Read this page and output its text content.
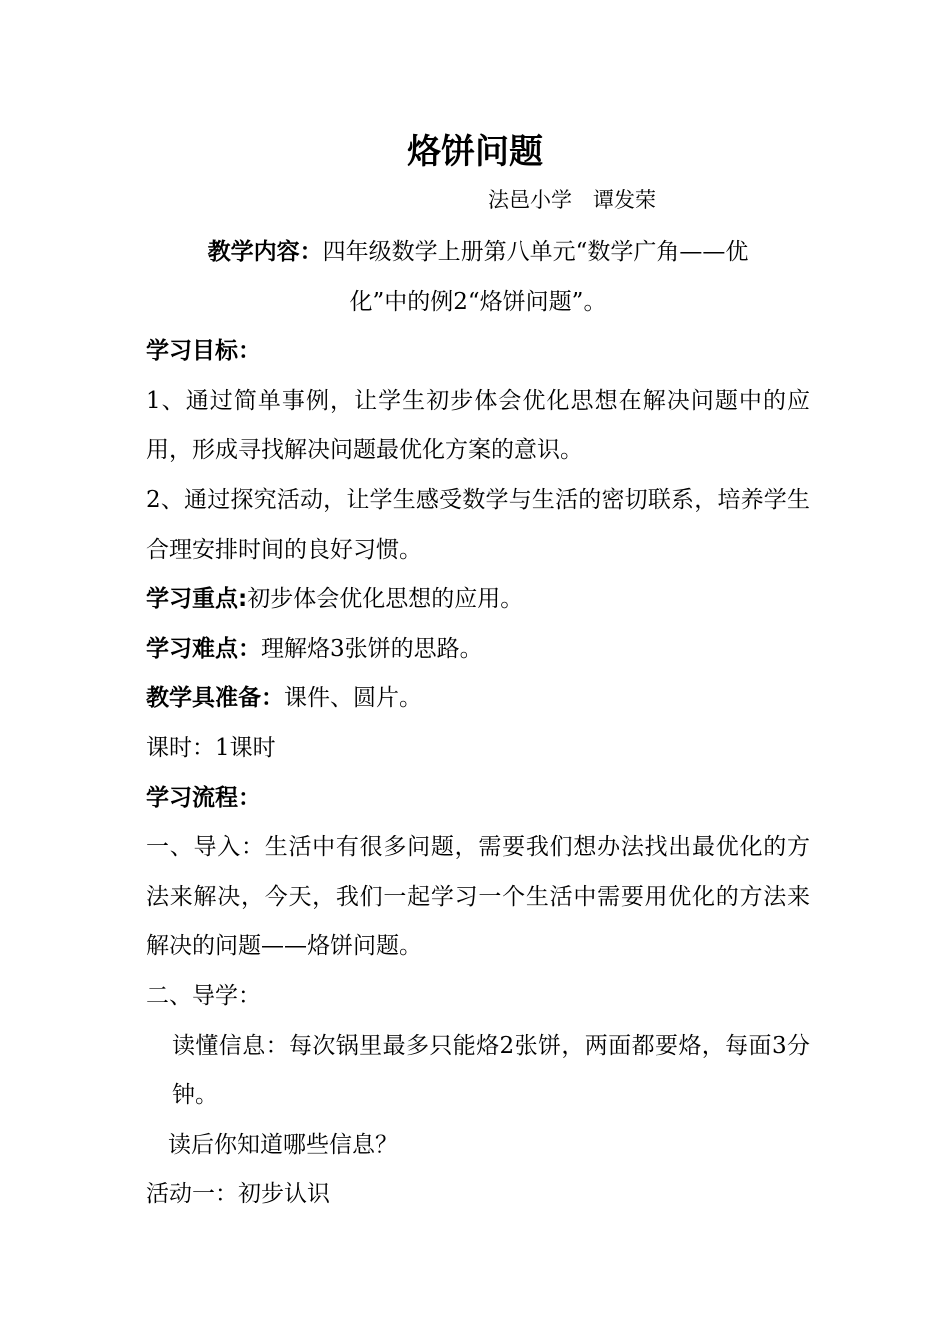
烙饼问题
法邑小学　谭发荣

教学内容：四年级数学上册第八单元“数学广角——优

化”中的例2“烙饼问题”。

学习目标：

1、通过简单事例，让学生初步体会优化思想在解决问题中的应用，形成寻找解决问题最优化方案的意识。

2、通过探究活动，让学生感受数学与生活的密切联系，培养学生合理安排时间的良好习惯。

学习重点:初步体会优化思想的应用。

学习难点：理解烙3张饼的思路。

教学具准备：课件、圆片。

课时：1课时

学习流程：

一、导入：生活中有很多问题，需要我们想办法找出最优化的方法来解决，今天，我们一起学习一个生活中需要用优化的方法来解决的问题——烙饼问题。

二、导学：

读懂信息：每次锅里最多只能烙2张饼，两面都要烙，每面3分钟。

读后你知道哪些信息？

活动一：初步认识
